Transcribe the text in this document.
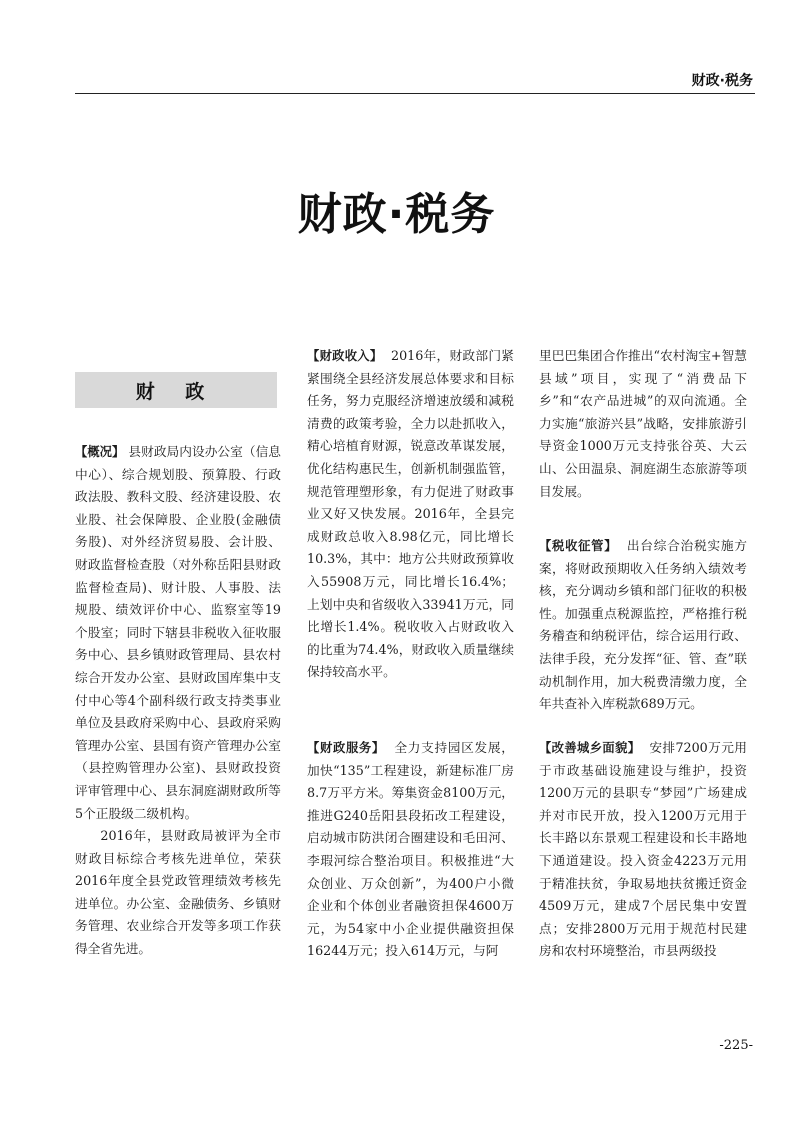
财政·税务
财政·税务
财 政

【概况】 县财政局内设办公室（信息中心）、综合规划股、预算股、行政政法股、教科文股、经济建设股、农业股、社会保障股、企业股(金融债务股)、对外经济贸易股、会计股、财政监督检查股（对外称岳阳县财政监督检查局)、财计股、人事股、法规股、绩效评价中心、监察室等19个股室；同时下辖县非税收入征收服务中心、县乡镇财政管理局、县农村综合开发办公室、县财政国库集中支付中心等4个副科级行政支持类事业单位及县政府采购中心、县政府采购管理办公室、县国有资产管理办公室（县控购管理办公室)、县财政投资评审管理中心、县东洞庭湖财政所等5个正股级二级机构。

2016年，县财政局被评为全市财政目标综合考核先进单位，荣获2016年度全县党政管理绩效考核先进单位。办公室、金融债务、乡镇财务管理、农业综合开发等多项工作获得全省先进。

【财政收入】 2016年，财政部门紧紧围绕全县经济发展总体要求和目标任务，努力克服经济增速放缓和减税清费的政策考验，全力以赴抓收入，精心培植育财源，锐意改革谋发展，优化结构惠民生，创新机制强监管，规范管理塑形象，有力促进了财政事业又好又快发展。2016年，全县完成财政总收入8.98亿元，同比增长10.3%，其中：地方公共财政预算收入55908万元，同比增长16.4%；上划中央和省级收入33941万元，同比增长1.4%。税收收入占财政收入的比重为74.4%，财政收入质量继续保持较高水平。

【财政服务】 全力支持园区发展，加快“135”工程建设，新建标准厂房8.7万平方米。筹集资金8100万元，推进G240岳阳县段拓改工程建设，启动城市防洪闭合圈建设和毛田河、李瑕河综合整治项目。积极推进“大众创业、万众创新”，为400户小微企业和个体创业者融资担保4600万元，为54家中小企业提供融资担保16244万元；投入614万元，与阿

里巴巴集团合作推出“农村淘宝+智慧县域”项目，实现了“消费品下乡”和“农产品进城”的双向流通。全力实施“旅游兴县”战略，安排旅游引导资金1000万元支持张谷英、大云山、公田温泉、洞庭湖生态旅游等项目发展。

【税收征管】 出台综合治税实施方案，将财政预期收入任务纳入绩效考核，充分调动乡镇和部门征收的积极性。加强重点税源监控，严格推行税务稽查和纳税评估，综合运用行政、法律手段，充分发挥“征、管、查”联动机制作用，加大税费清缴力度，全年共查补入库税款689万元。

【改善城乡面貌】 安排7200万元用于市政基础设施建设与维护，投资1200万元的县职专“梦园”广场建成并对市民开放，投入1200万元用于长丰路以东景观工程建设和长丰路地下通道建设。投入资金4223万元用于精准扶贫，争取易地扶贫搬迁资金4509万元，建成7个居民集中安置点；安排2800万元用于规范村民建房和农村环境整治，市县两级投

-225-
